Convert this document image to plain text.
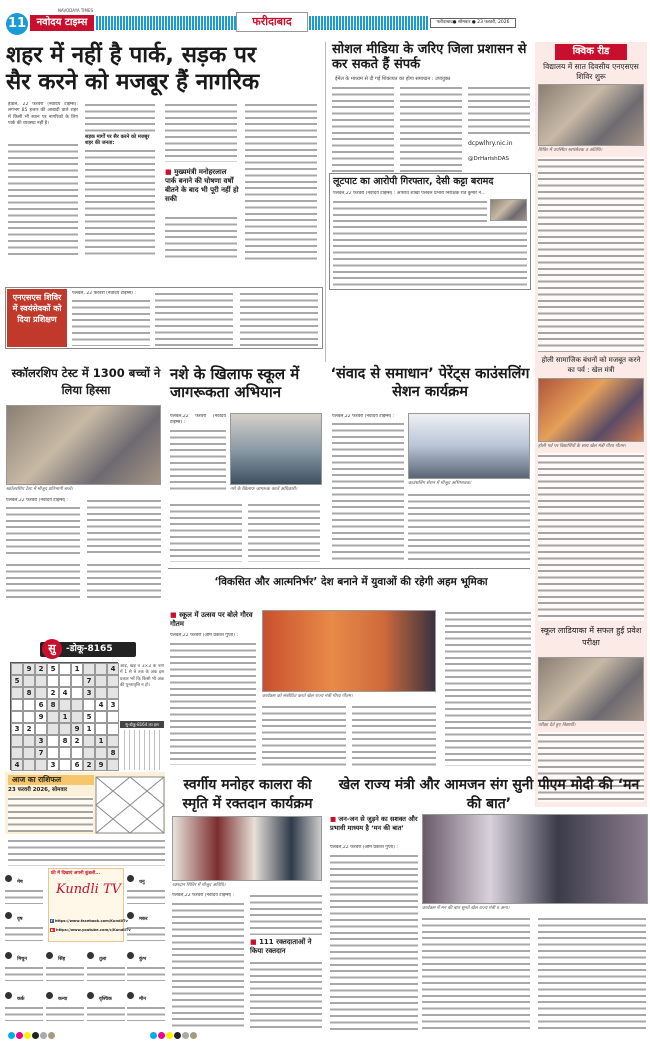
11
NAVODAYA TIMES
नवोदय टाइम्स	फरीदाबाद	फरीदाबाद● सोमवार ● 23 फरवरी, 2026
शहर में नहीं है पार्क, सड़क पर सैर करने को मजबूर हैं नागरिक
होडल, 22 फरवरी (नवोदय टाइम्स): लगभग 85 हजार की आबादी वाले शहर में किसी भी स्थान पर नागरिकों के लिए पार्क की व्यवस्था नहीं है।
सड़क मार्गों पर सैर करने को मजबूर शहर की जनता:
■ मुख्यमंत्री मनोहरलाल पार्क बनाने की घोषणा वर्षों बीतने के बाद भी पूरी नहीं हो सकी
सोशल मीडिया के जरिए जिला प्रशासन से कर सकते हैं संपर्क
ईमेल के माध्यम से दी गई शिकायत का होगा समाधान : उपायुक्त
dcpwlhry.nic.in
@DrHarishDAS
लूटपाट का आरोपी गिरफ्तार, देसी कट्टा बरामद
पलवल,22 फरवरी (नवोदय टाइम्स) : अपराध शाखा पलवल प्रभारी निरीक्षक रवि कुमार ने...
एनएसएस शिविर में स्वयंसेवकों को दिया प्रशिक्षण
पलवल, 22 फरवरी (नवोदय टाइम्स) :
क्विक रीड
विद्यालय में सात दिवसीय एनएसएस शिविर शुरू
शिविर में उपस्थित स्वयंसेवक व अतिथि।
होली सामाजिक बंधनों को मजबूत करने का पर्व : खेल मंत्री
होली पर्व पर विद्यार्थियों के साथ खेल मंत्री गौरव गौतम।
स्कूल लाडियाका में सफल हुई प्रवेश परीक्षा
परीक्षा देते हुए विद्यार्थी।
स्कॉलरशिप टेस्ट में 1300 बच्चों ने लिया हिस्सा
स्कॉलरशिप टेस्ट में मौजूद प्रतिभागी बच्चे।
पलवल,22 फरवरी (नवोदय टाइम्स) :
नशे के खिलाफ स्कूल में जागरूकता अभियान
पलवल,22 फरवरी (नवोदय टाइम्स) :
नशे के खिलाफ जागरूक करते अधिकारी।
‘संवाद से समाधान’ पेरेंट्स काउंसलिंग सेशन कार्यक्रम
पलवल,22 फरवरी (नवोदय टाइम्स) :
काउंसलिंग सेशन में मौजूद अभिभावक।
‘विकसित और आत्मनिर्भर’ देश बनाने में युवाओं की रहेगी अहम भूमिका
■ स्कूल में उत्सव पर बोले गौरव गौतम
पलवल,22 फरवरी (ओम प्रकाश गुप्ता) :
कार्यक्रम को संबोधित करते खेल राज्य मंत्री गौरव गौतम।
सु	-डोकू-8165
9	2	5	1	4
5	7
8	2	4	3
6	8	4	3
9	1	5
3	2	9	1
3	8	2	1
7	8
4	3	6	2	9
आड़े, खड़े व 3×3 के वर्गों में 1 से 9 तक के अंक इस प्रकार भरें कि किसी भी अंक की पुनरावृत्ति न हो।
सु-डोकू-8164 का हल
आज का राशिफल
23 फरवरी 2026, सोमवार
मेष
वृष
मिथुन
कर्क
सिंह
कन्या
तुला
वृश्चिक
धनु
मकर
कुंभ
मीन
फ्री में दिखाएं अपनी कुंडली...
Kundli TV
f https://www.facebook.com/KundliTv
▶ https://www.youtube.com/c/KundliTv
स्वर्गीय मनोहर कालरा की स्मृति में रक्तदान कार्यक्रम
रक्तदान शिविर में मौजूद अतिथि।
पलवल,22 फरवरी (नवोदय टाइम्स) :
■ 111 रक्तदाताओं ने किया रक्तदान
खेल राज्य मंत्री और आमजन संग सुनी पीएम मोदी की ‘मन की बात’
■ जन-जन से जुड़ने का सशक्त और प्रभावी माध्यम है ‘मन की बात’
पलवल,22 फरवरी (ओम प्रकाश गुप्ता) :
कार्यक्रम में मन की बात सुनते खेल राज्य मंत्री व अन्य।
